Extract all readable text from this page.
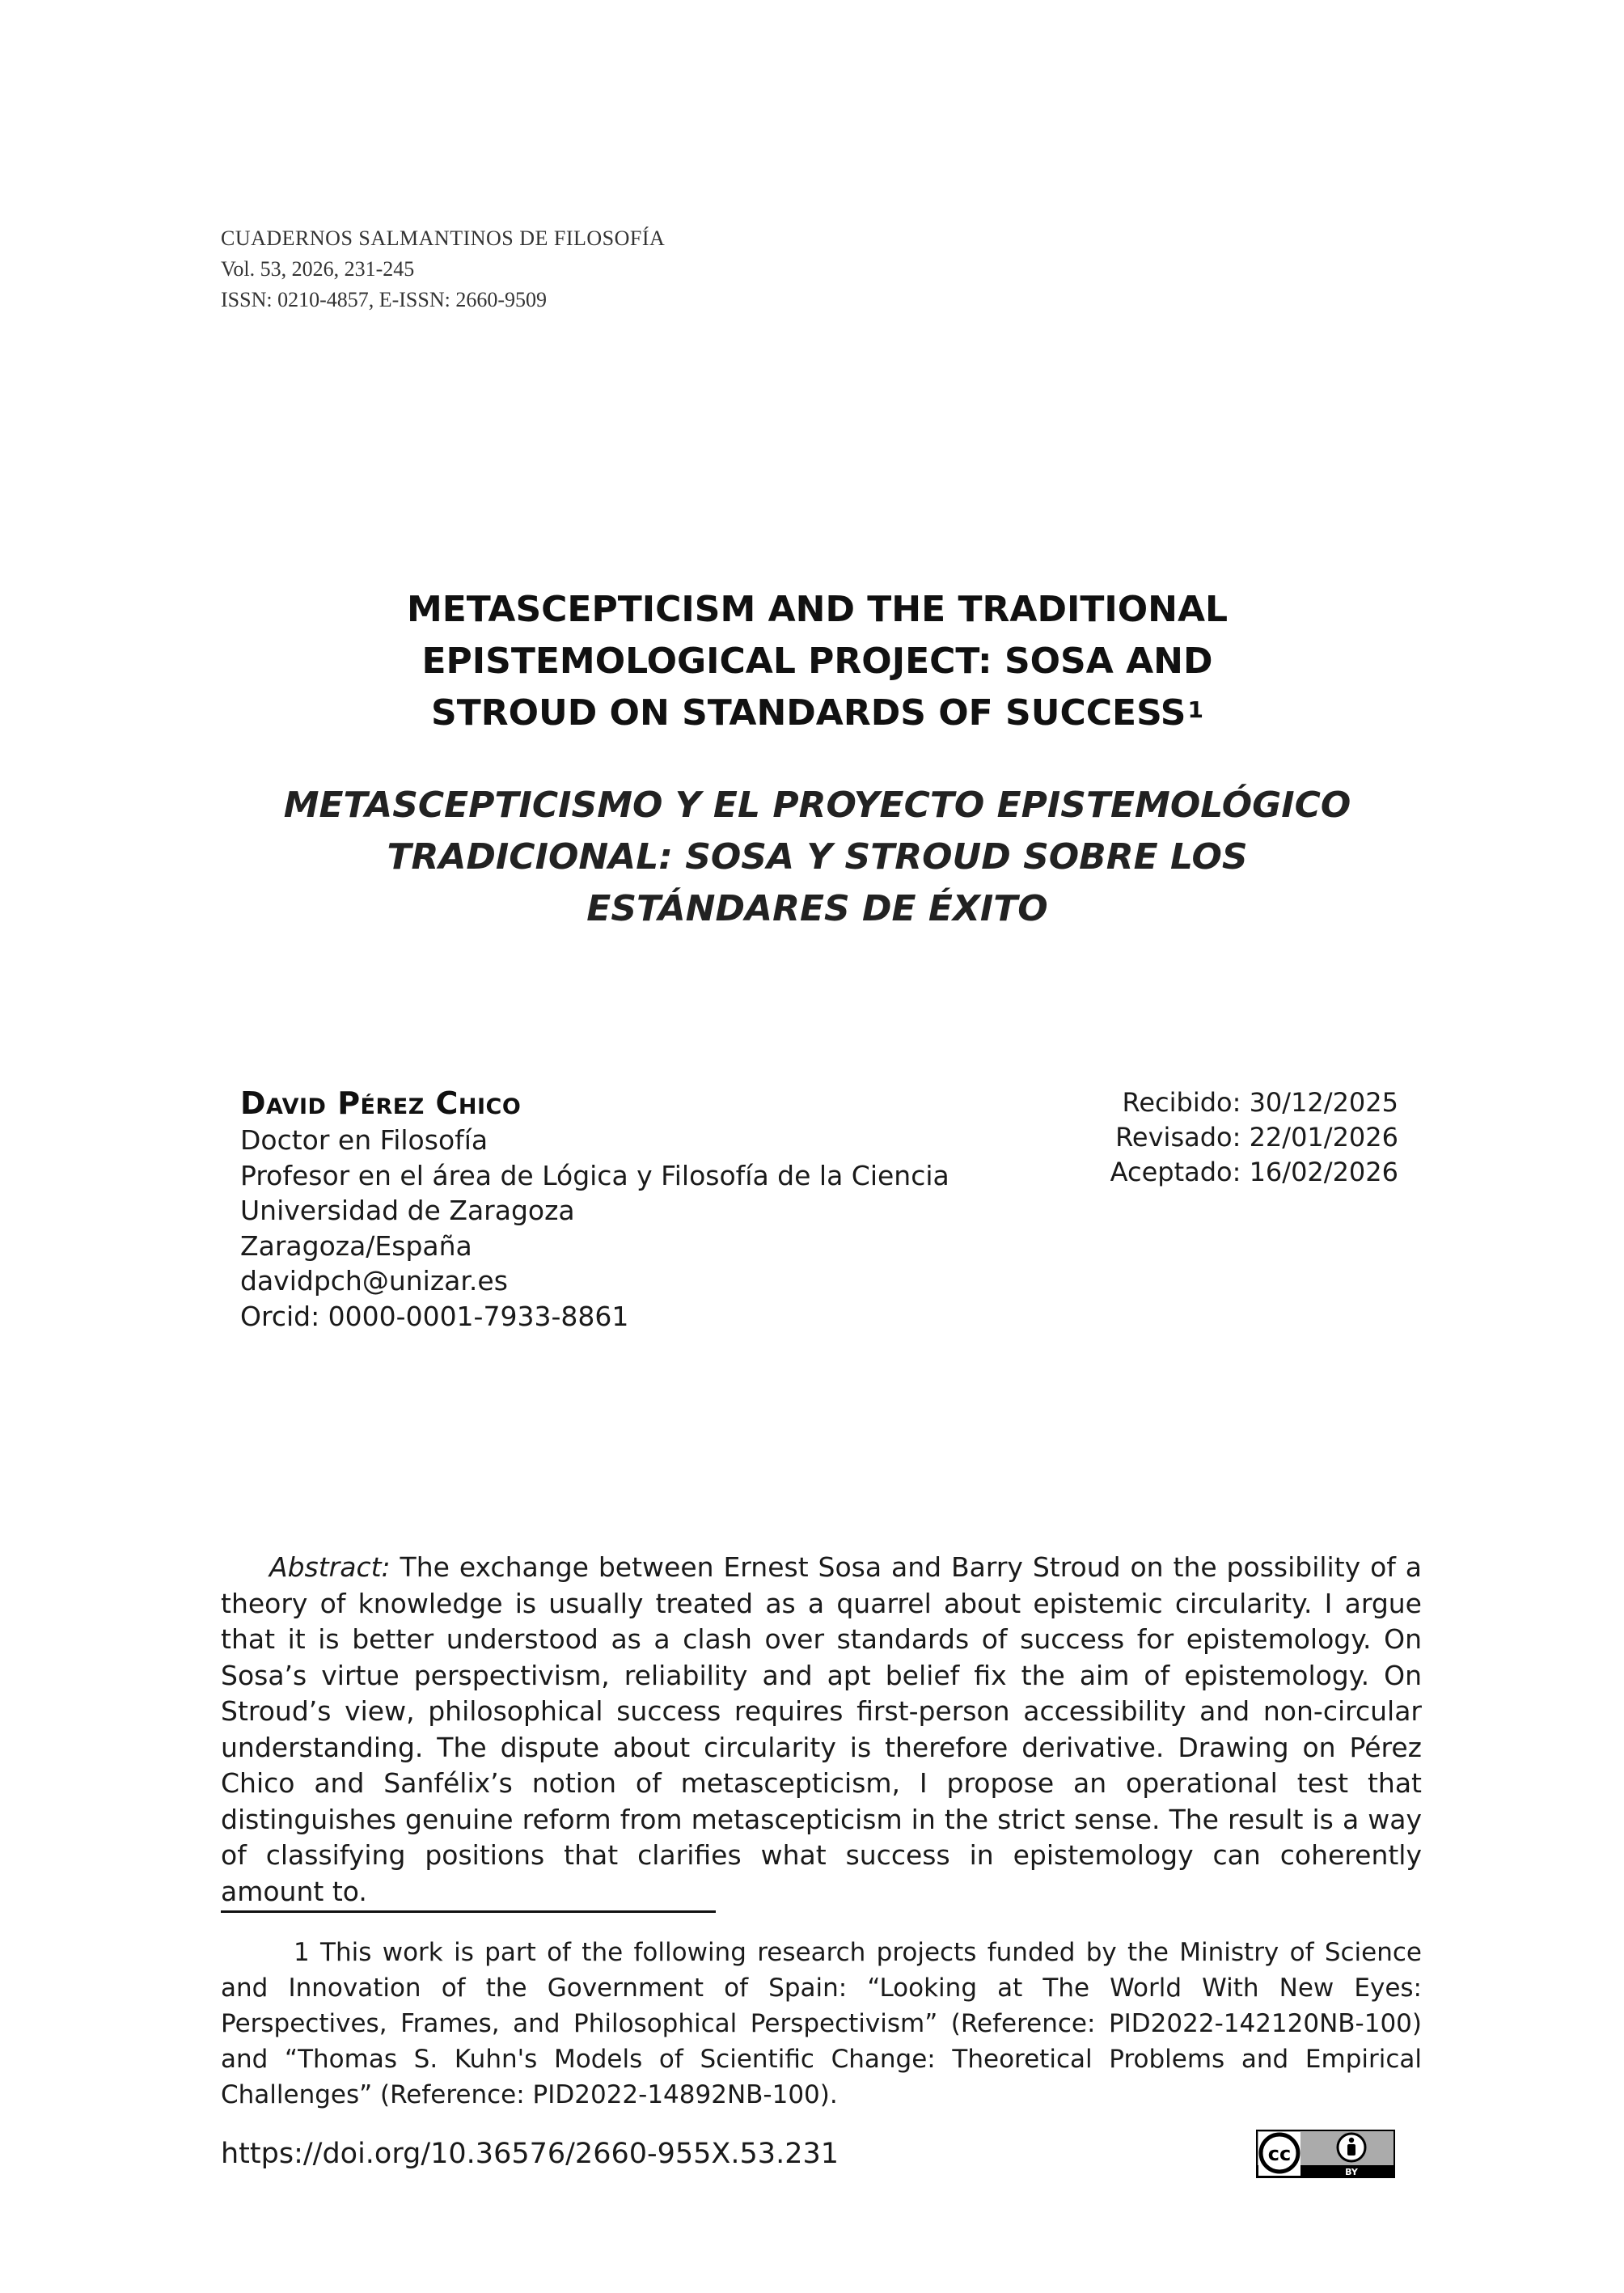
CUADERNOS SALMANTINOS DE FILOSOFÍA
Vol. 53, 2026, 231-245
ISSN: 0210-4857, E-ISSN: 2660-9509
METASCEPTICISM AND THE TRADITIONAL
EPISTEMOLOGICAL PROJECT: SOSA AND
STROUD ON STANDARDS OF SUCCESS$^1$
METASCEPTICISMO Y EL PROYECTO EPISTEMOLÓGICO
TRADICIONAL: SOSA Y STROUD SOBRE LOS
ESTÁNDARES DE ÉXITO
David Pérez Chico
Doctor en Filosofía
Profesor en el área de Lógica y Filosofía de la Ciencia
Universidad de Zaragoza
Zaragoza/España
davidpch@unizar.es
Orcid: 0000-0001-7933-8861
Recibido: 30/12/2025
Revisado: 22/01/2026
Aceptado: 16/02/2026

Abstract: The exchange between Ernest Sosa and Barry Stroud on the possibility of a theory of knowledge is usually treated as a quarrel about epistemic circularity. I argue that it is better understood as a clash over standards of success for epistemology. On Sosa’s virtue perspectivism, reliability and apt belief fix the aim of epistemology. On Stroud’s view, philosophical success requires first-person accessibility and non-circular understanding. The dispute about circularity is therefore derivative. Drawing on Pérez Chico and Sanfélix’s notion of metascepticism, I propose an operational test that distinguishes genuine reform from metascepticism in the strict sense. The result is a way of classifying positions that clarifies what success in epistemology can coherently amount to.

1 This work is part of the following research projects funded by the Ministry of Science and Innovation of the Government of Spain: “Looking at The World With New Eyes: Perspectives, Frames, and Philosophical Perspectivism” (Reference: PID2022-142120NB-100) and “Thomas S. Kuhn's Models of Scientific Change: Theoretical Problems and Empirical Challenges” (Reference: PID2022-14892NB-100).

https://doi.org/10.36576/2660-955X.53.231	cc
BY
